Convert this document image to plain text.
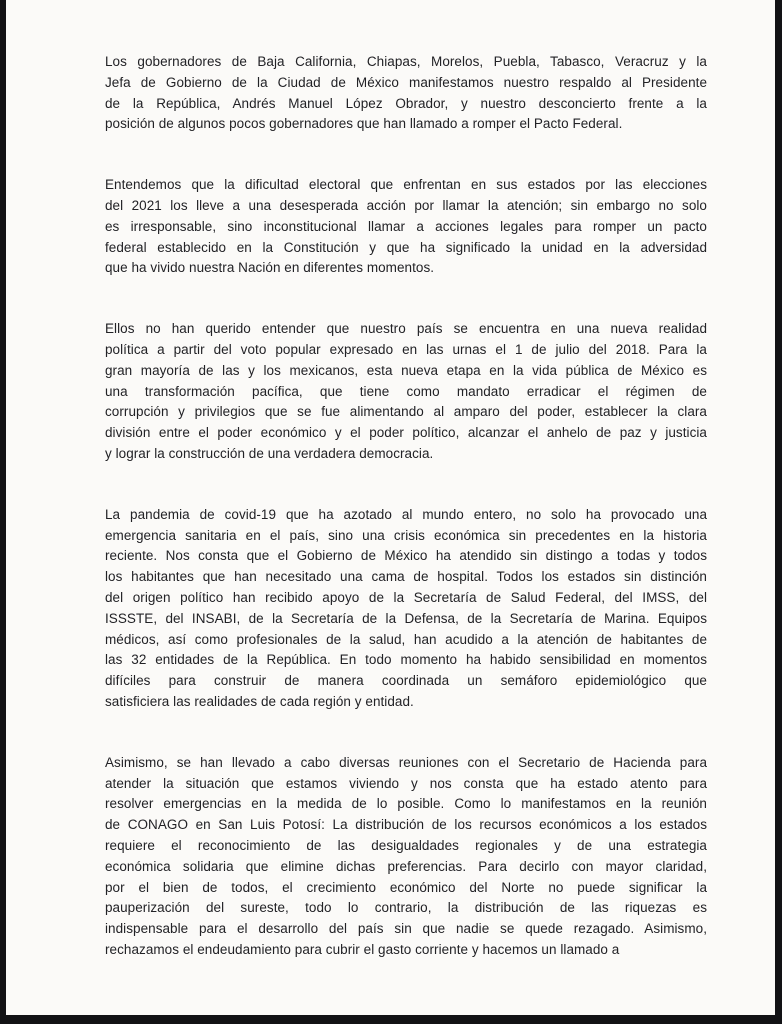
Los gobernadores de Baja California, Chiapas, Morelos, Puebla, Tabasco, Veracruz y la
Jefa de Gobierno de la Ciudad de México manifestamos nuestro respaldo al Presidente
de la República, Andrés Manuel López Obrador, y nuestro desconcierto frente a la
posición de algunos pocos gobernadores que han llamado a romper el Pacto Federal.

Entendemos que la dificultad electoral que enfrentan en sus estados por las elecciones
del 2021 los lleve a una desesperada acción por llamar la atención; sin embargo no solo
es irresponsable, sino inconstitucional llamar a acciones legales para romper un pacto
federal establecido en la Constitución y que ha significado la unidad en la adversidad
que ha vivido nuestra Nación en diferentes momentos.

Ellos no han querido entender que nuestro país se encuentra en una nueva realidad
política a partir del voto popular expresado en las urnas el 1 de julio del 2018. Para la
gran mayoría de las y los mexicanos, esta nueva etapa en la vida pública de México es
una transformación pacífica, que tiene como mandato erradicar el régimen de
corrupción y privilegios que se fue alimentando al amparo del poder, establecer la clara
división entre el poder económico y el poder político, alcanzar el anhelo de paz y justicia
y lograr la construcción de una verdadera democracia.

La pandemia de covid-19 que ha azotado al mundo entero, no solo ha provocado una
emergencia sanitaria en el país, sino una crisis económica sin precedentes en la historia
reciente. Nos consta que el Gobierno de México ha atendido sin distingo a todas y todos
los habitantes que han necesitado una cama de hospital. Todos los estados sin distinción
del origen político han recibido apoyo de la Secretaría de Salud Federal, del IMSS, del
ISSSTE, del INSABI, de la Secretaría de la Defensa, de la Secretaría de Marina. Equipos
médicos, así como profesionales de la salud, han acudido a la atención de habitantes de
las 32 entidades de la República. En todo momento ha habido sensibilidad en momentos
difíciles para construir de manera coordinada un semáforo epidemiológico que
satisficiera las realidades de cada región y entidad.

Asimismo, se han llevado a cabo diversas reuniones con el Secretario de Hacienda para
atender la situación que estamos viviendo y nos consta que ha estado atento para
resolver emergencias en la medida de lo posible. Como lo manifestamos en la reunión
de CONAGO en San Luis Potosí: La distribución de los recursos económicos a los estados
requiere el reconocimiento de las desigualdades regionales y de una estrategia
económica solidaria que elimine dichas preferencias. Para decirlo con mayor claridad,
por el bien de todos, el crecimiento económico del Norte no puede significar la
pauperización del sureste, todo lo contrario, la distribución de las riquezas es
indispensable para el desarrollo del país sin que nadie se quede rezagado. Asimismo,
rechazamos el endeudamiento para cubrir el gasto corriente y hacemos un llamado a
